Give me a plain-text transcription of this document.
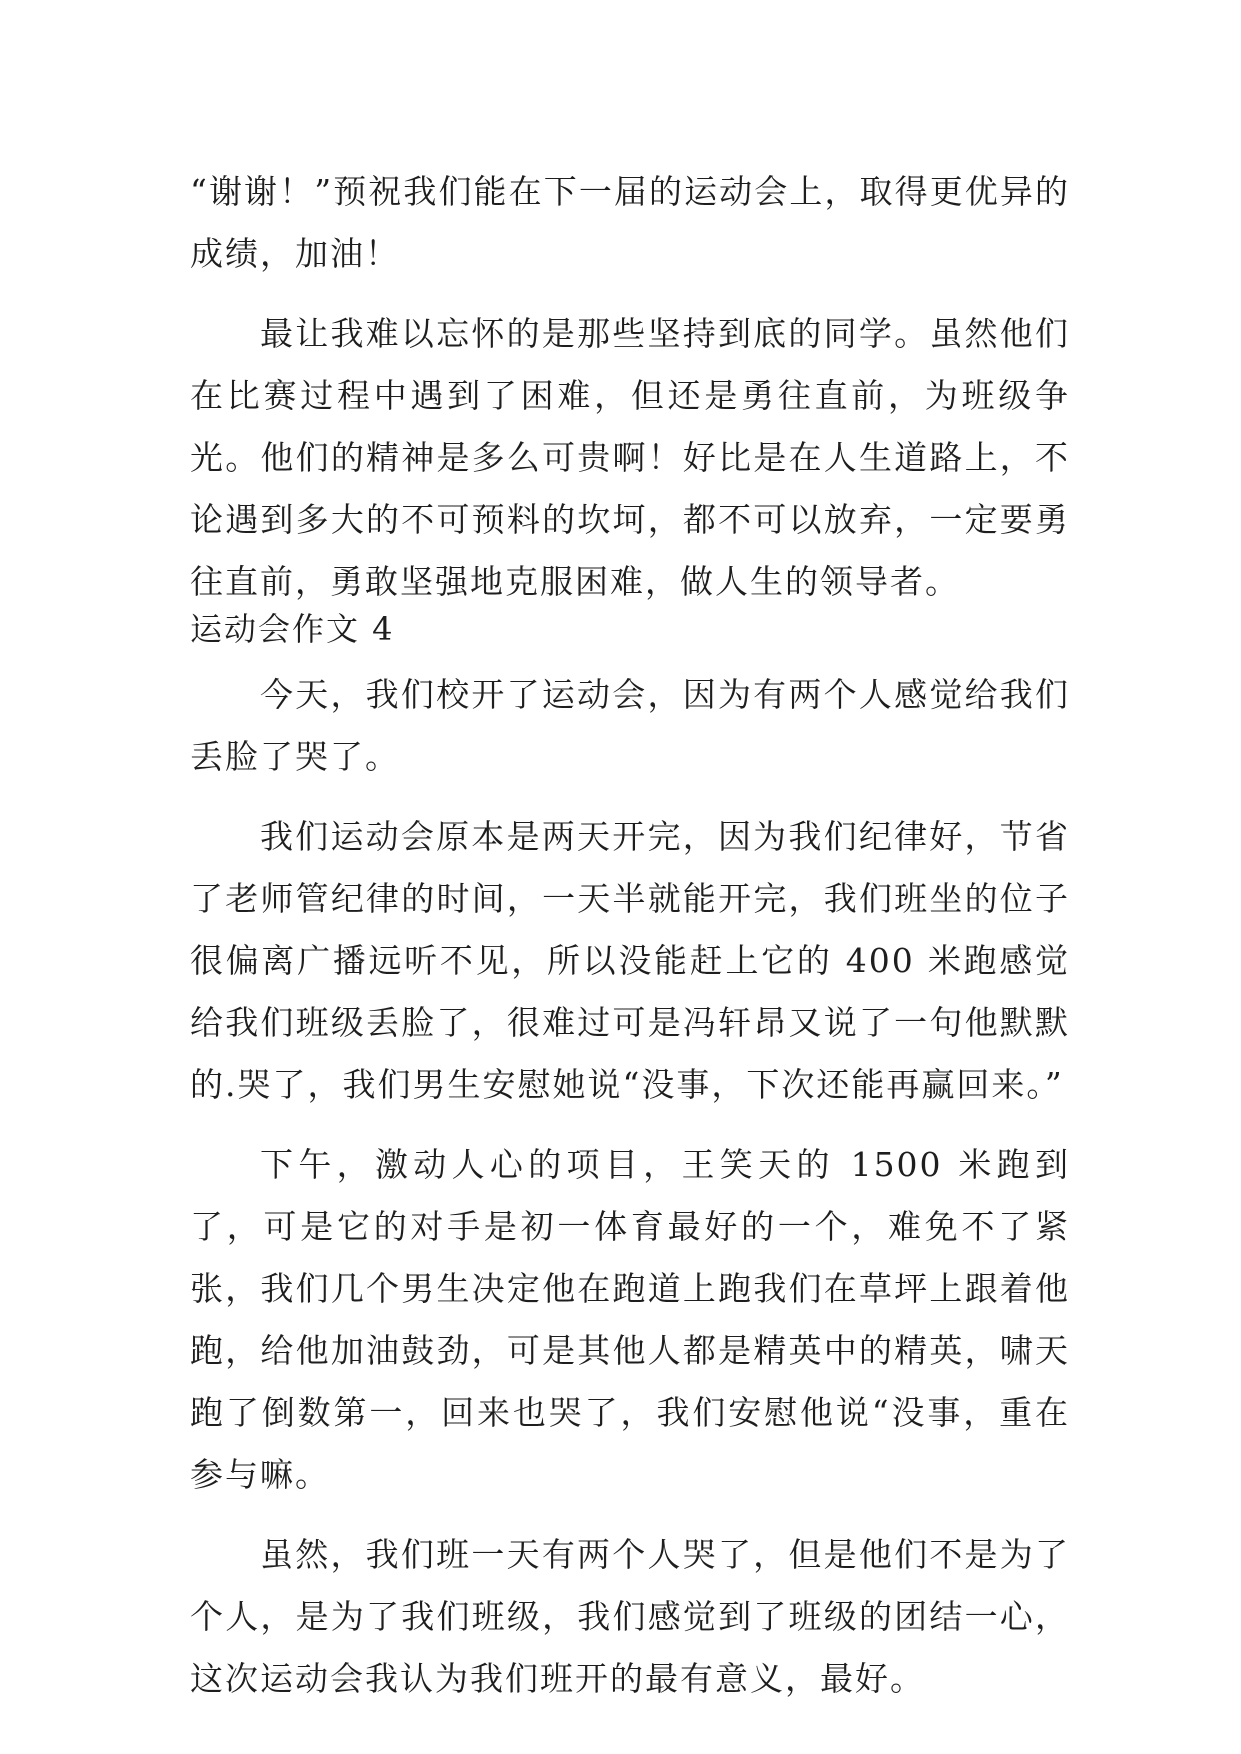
“谢谢！”预祝我们能在下一届的运动会上，取得更优异的成绩，加油！

最让我难以忘怀的是那些坚持到底的同学。虽然他们在比赛过程中遇到了困难，但还是勇往直前，为班级争光。他们的精神是多么可贵啊！好比是在人生道路上，不论遇到多大的不可预料的坎坷，都不可以放弃，一定要勇往直前，勇敢坚强地克服困难，做人生的领导者。

运动会作文 4

今天，我们校开了运动会，因为有两个人感觉给我们丢脸了哭了。

我们运动会原本是两天开完，因为我们纪律好，节省了老师管纪律的时间，一天半就能开完，我们班坐的位子很偏离广播远听不见，所以没能赶上它的 400 米跑感觉给我们班级丢脸了，很难过可是冯轩昂又说了一句他默默的.哭了，我们男生安慰她说“没事，下次还能再赢回来。”

下午，激动人心的项目，王笑天的 1500 米跑到了，可是它的对手是初一体育最好的一个，难免不了紧张，我们几个男生决定他在跑道上跑我们在草坪上跟着他跑，给他加油鼓劲，可是其他人都是精英中的精英，啸天跑了倒数第一，回来也哭了，我们安慰他说“没事，重在参与嘛。

虽然，我们班一天有两个人哭了，但是他们不是为了个人，是为了我们班级，我们感觉到了班级的团结一心，这次运动会我认为我们班开的最有意义，最好。
